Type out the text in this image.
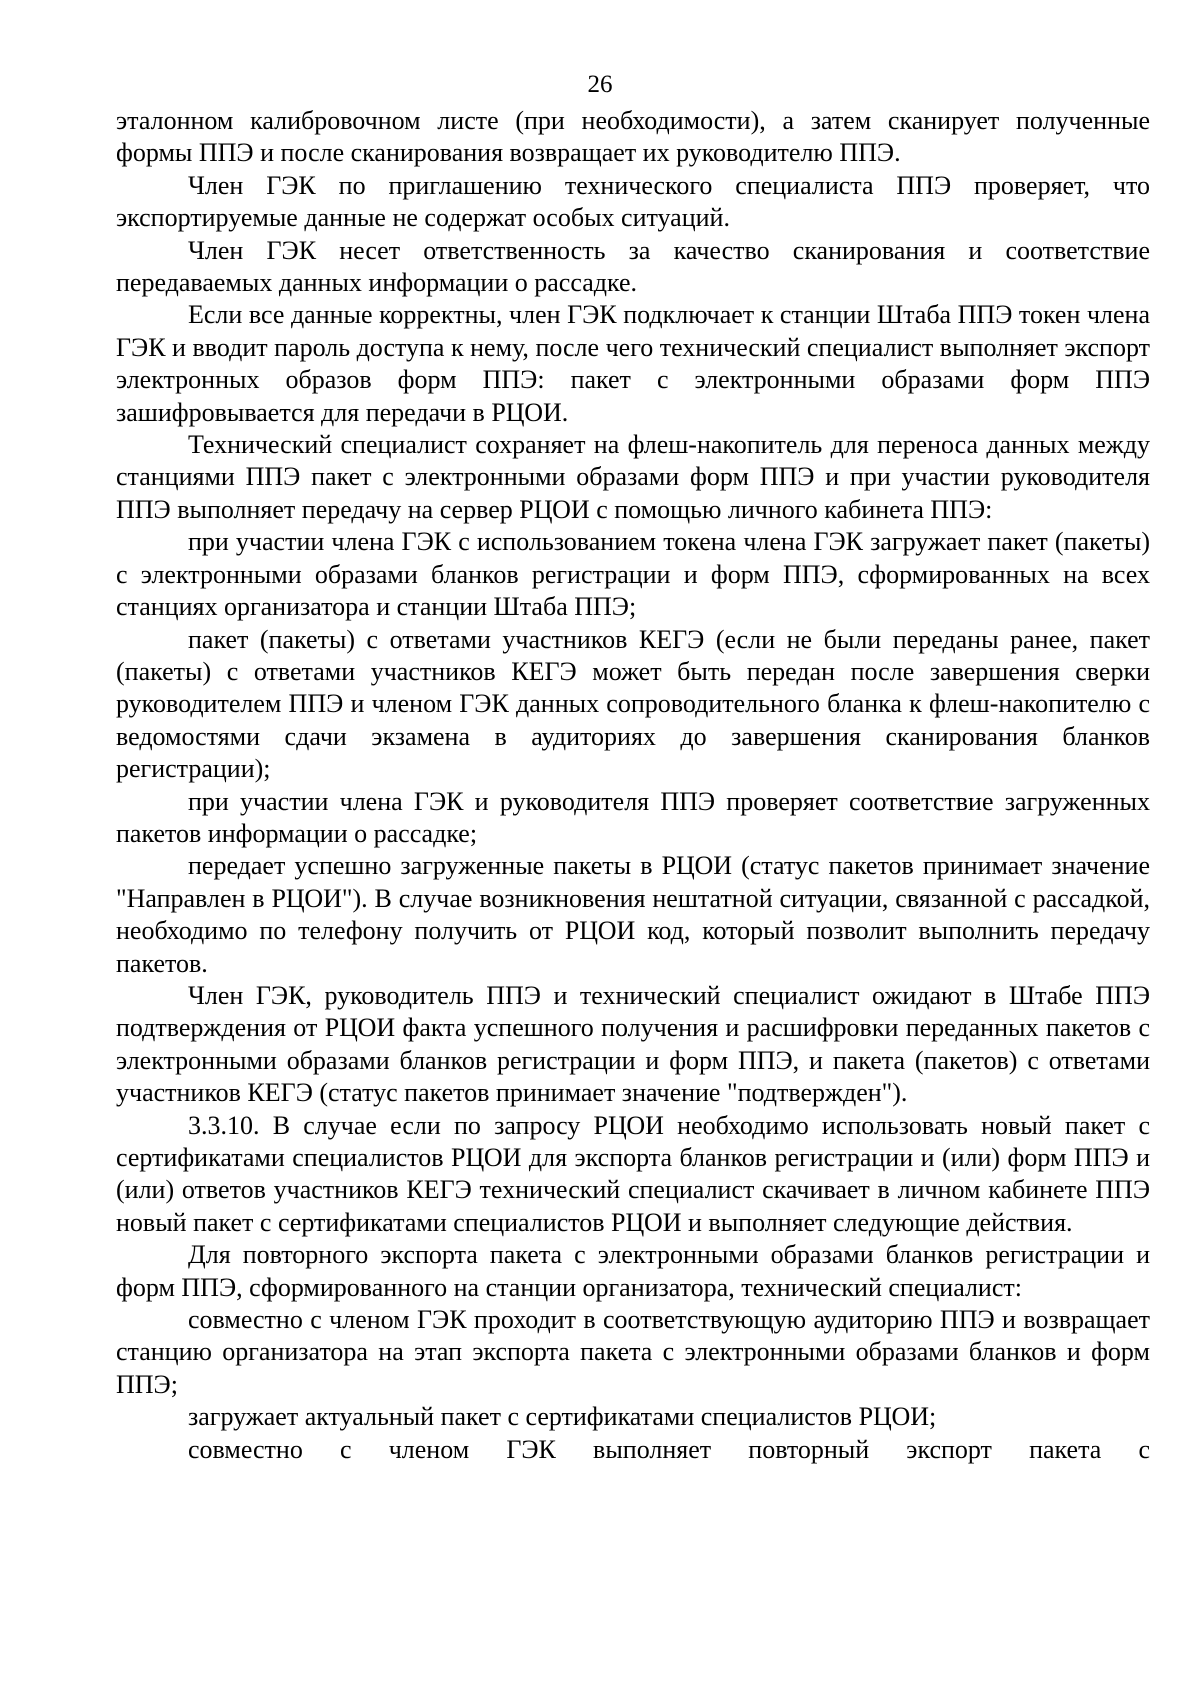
26

эталонном калибровочном листе (при необходимости), а затем сканирует полученные формы ППЭ и после сканирования возвращает их руководителю ППЭ.

Член ГЭК по приглашению технического специалиста ППЭ проверяет, что экспортируемые данные не содержат особых ситуаций.

Член ГЭК несет ответственность за качество сканирования и соответствие передаваемых данных информации о рассадке.

Если все данные корректны, член ГЭК подключает к станции Штаба ППЭ токен члена ГЭК и вводит пароль доступа к нему, после чего технический специалист выполняет экспорт электронных образов форм ППЭ: пакет с электронными образами форм ППЭ зашифровывается для передачи в РЦОИ.

Технический специалист сохраняет на флеш-накопитель для переноса данных между станциями ППЭ пакет с электронными образами форм ППЭ и при участии руководителя ППЭ выполняет передачу на сервер РЦОИ с помощью личного кабинета ППЭ:

при участии члена ГЭК с использованием токена члена ГЭК загружает пакет (пакеты) с электронными образами бланков регистрации и форм ППЭ, сформированных на всех станциях организатора и станции Штаба ППЭ;

пакет (пакеты) с ответами участников КЕГЭ (если не были переданы ранее, пакет (пакеты) с ответами участников КЕГЭ может быть передан после завершения сверки руководителем ППЭ и членом ГЭК данных сопроводительного бланка к флеш-накопителю с ведомостями сдачи экзамена в аудиториях до завершения сканирования бланков регистрации);

при участии члена ГЭК и руководителя ППЭ проверяет соответствие загруженных пакетов информации о рассадке;

передает успешно загруженные пакеты в РЦОИ (статус пакетов принимает значение "Направлен в РЦОИ"). В случае возникновения нештатной ситуации, связанной с рассадкой, необходимо по телефону получить от РЦОИ код, который позволит выполнить передачу пакетов.

Член ГЭК, руководитель ППЭ и технический специалист ожидают в Штабе ППЭ подтверждения от РЦОИ факта успешного получения и расшифровки переданных пакетов с электронными образами бланков регистрации и форм ППЭ, и пакета (пакетов) с ответами участников КЕГЭ (статус пакетов принимает значение "подтвержден").

3.3.10. В случае если по запросу РЦОИ необходимо использовать новый пакет с сертификатами специалистов РЦОИ для экспорта бланков регистрации и (или) форм ППЭ и (или) ответов участников КЕГЭ технический специалист скачивает в личном кабинете ППЭ новый пакет с сертификатами специалистов РЦОИ и выполняет следующие действия.

Для повторного экспорта пакета с электронными образами бланков регистрации и форм ППЭ, сформированного на станции организатора, технический специалист:

совместно с членом ГЭК проходит в соответствующую аудиторию ППЭ и возвращает станцию организатора на этап экспорта пакета с электронными образами бланков и форм ППЭ;

загружает актуальный пакет с сертификатами специалистов РЦОИ;

совместно с членом ГЭК выполняет повторный экспорт пакета с
